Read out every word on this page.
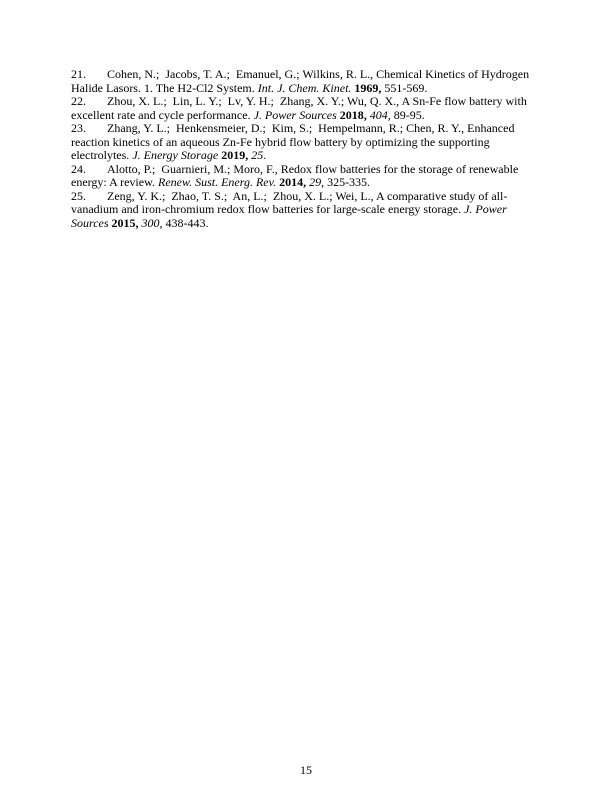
21. Cohen, N.;  Jacobs, T. A.;  Emanuel, G.; Wilkins, R. L., Chemical Kinetics of Hydrogen Halide Lasors. 1. The H2-Cl2 System. Int. J. Chem. Kinet. 1969, 551-569.

22. Zhou, X. L.;  Lin, L. Y.;  Lv, Y. H.;  Zhang, X. Y.; Wu, Q. X., A Sn-Fe flow battery with excellent rate and cycle performance. J. Power Sources 2018, 404, 89-95.

23. Zhang, Y. L.;  Henkensmeier, D.;  Kim, S.;  Hempelmann, R.; Chen, R. Y., Enhanced reaction kinetics of an aqueous Zn-Fe hybrid flow battery by optimizing the supporting electrolytes. J. Energy Storage 2019, 25.

24. Alotto, P.;  Guarnieri, M.; Moro, F., Redox flow batteries for the storage of renewable energy: A review. Renew. Sust. Energ. Rev. 2014, 29, 325-335.

25. Zeng, Y. K.;  Zhao, T. S.;  An, L.;  Zhou, X. L.; Wei, L., A comparative study of all-vanadium and iron-chromium redox flow batteries for large-scale energy storage. J. Power Sources 2015, 300, 438-443.

15
